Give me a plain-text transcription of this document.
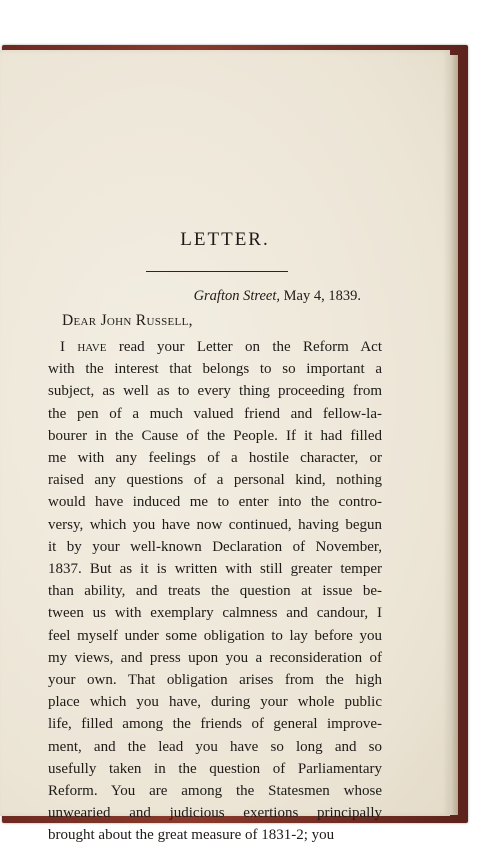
LETTER.
Grafton Street, May 4, 1839.
Dear John Russell,
I have read your Letter on the Reform Act
with the interest that belongs to so important a
subject, as well as to every thing proceeding from
the pen of a much valued friend and fellow-la-
bourer in the Cause of the People. If it had filled
me with any feelings of a hostile character, or
raised any questions of a personal kind, nothing
would have induced me to enter into the contro-
versy, which you have now continued, having begun
it by your well-known Declaration of November,
1837. But as it is written with still greater temper
than ability, and treats the question at issue be-
tween us with exemplary calmness and candour, I
feel myself under some obligation to lay before you
my views, and press upon you a reconsideration of
your own. That obligation arises from the high
place which you have, during your whole public
life, filled among the friends of general improve-
ment, and the lead you have so long and so
usefully taken in the question of Parliamentary
Reform. You are among the Statesmen whose
unwearied and judicious exertions principally
brought about the great measure of 1831-2; you
